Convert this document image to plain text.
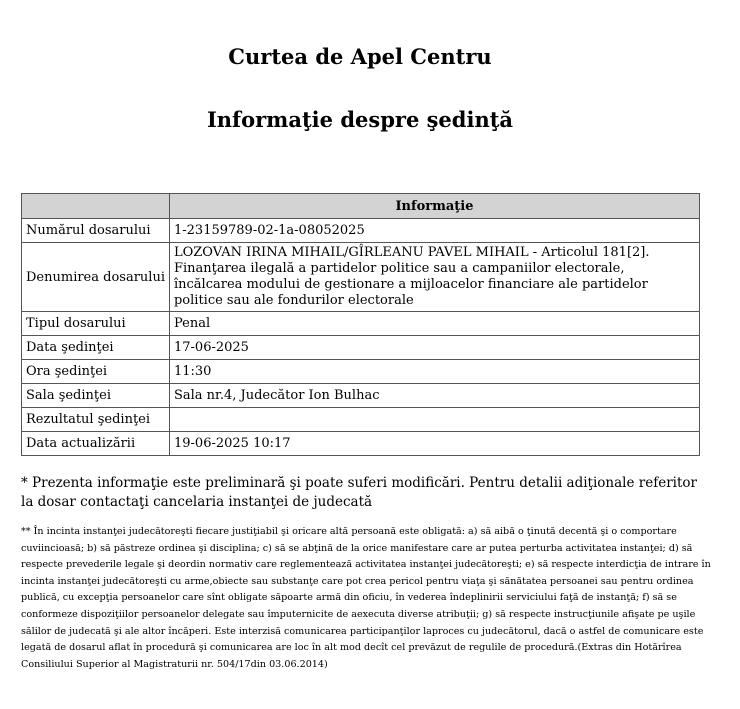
Curtea de Apel Centru
Informaţie despre şedinţă
	Informaţie
Numărul dosarului	1-23159789-02-1a-08052025
Denumirea dosarului	LOZOVAN IRINA MIHAIL/GÎRLEANU PAVEL MIHAIL - Articolul 181[2]. Finanţarea ilegală a partidelor politice sau a campaniilor electorale, încălcarea modului de gestionare a mijloacelor financiare ale partidelor politice sau ale fondurilor electorale
Tipul dosarului	Penal
Data şedinţei	17-06-2025
Ora şedinţei	11:30
Sala şedinţei	Sala nr.4, Judecător Ion Bulhac
Rezultatul şedinţei	
Data actualizării	19-06-2025 10:17
* Prezenta informaţie este preliminară şi poate suferi modificări. Pentru detalii adiţionale referitor la dosar contactaţi cancelaria instanţei de judecată
** În incinta instanţei judecătoreşti fiecare justiţiabil şi oricare altă persoană este obligată: a) să aibă o ţinută decentă şi o comportare cuviincioasă; b) să păstreze ordinea şi disciplina; c) să se abţină de la orice manifestare care ar putea perturba activitatea instanţei; d) să respecte prevederile legale şi deordin normativ care reglementează activitatea instanţei judecătoreşti; e) să respecte interdicţia de intrare în incinta instanţei judecătoreşti cu arme,obiecte sau substanţe care pot crea pericol pentru viaţa şi sănătatea persoanei sau pentru ordinea publică, cu excepţia persoanelor care sînt obligate săpoarte armă din oficiu, în vederea îndeplinirii serviciului faţă de instanţă; f) să se conformeze dispoziţiilor persoanelor delegate sau împuternicite de aexecuta diverse atribuţii; g) să respecte instrucţiunile afişate pe uşile sălilor de judecată şi ale altor încăperi. Este interzisă comunicarea participanţilor laproces cu judecătorul, dacă o astfel de comunicare este legată de dosarul aflat în procedură şi comunicarea are loc în alt mod decît cel prevăzut de regulile de procedură.(Extras din Hotărîrea Consiliului Superior al Magistraturii nr. 504/17din 03.06.2014)
